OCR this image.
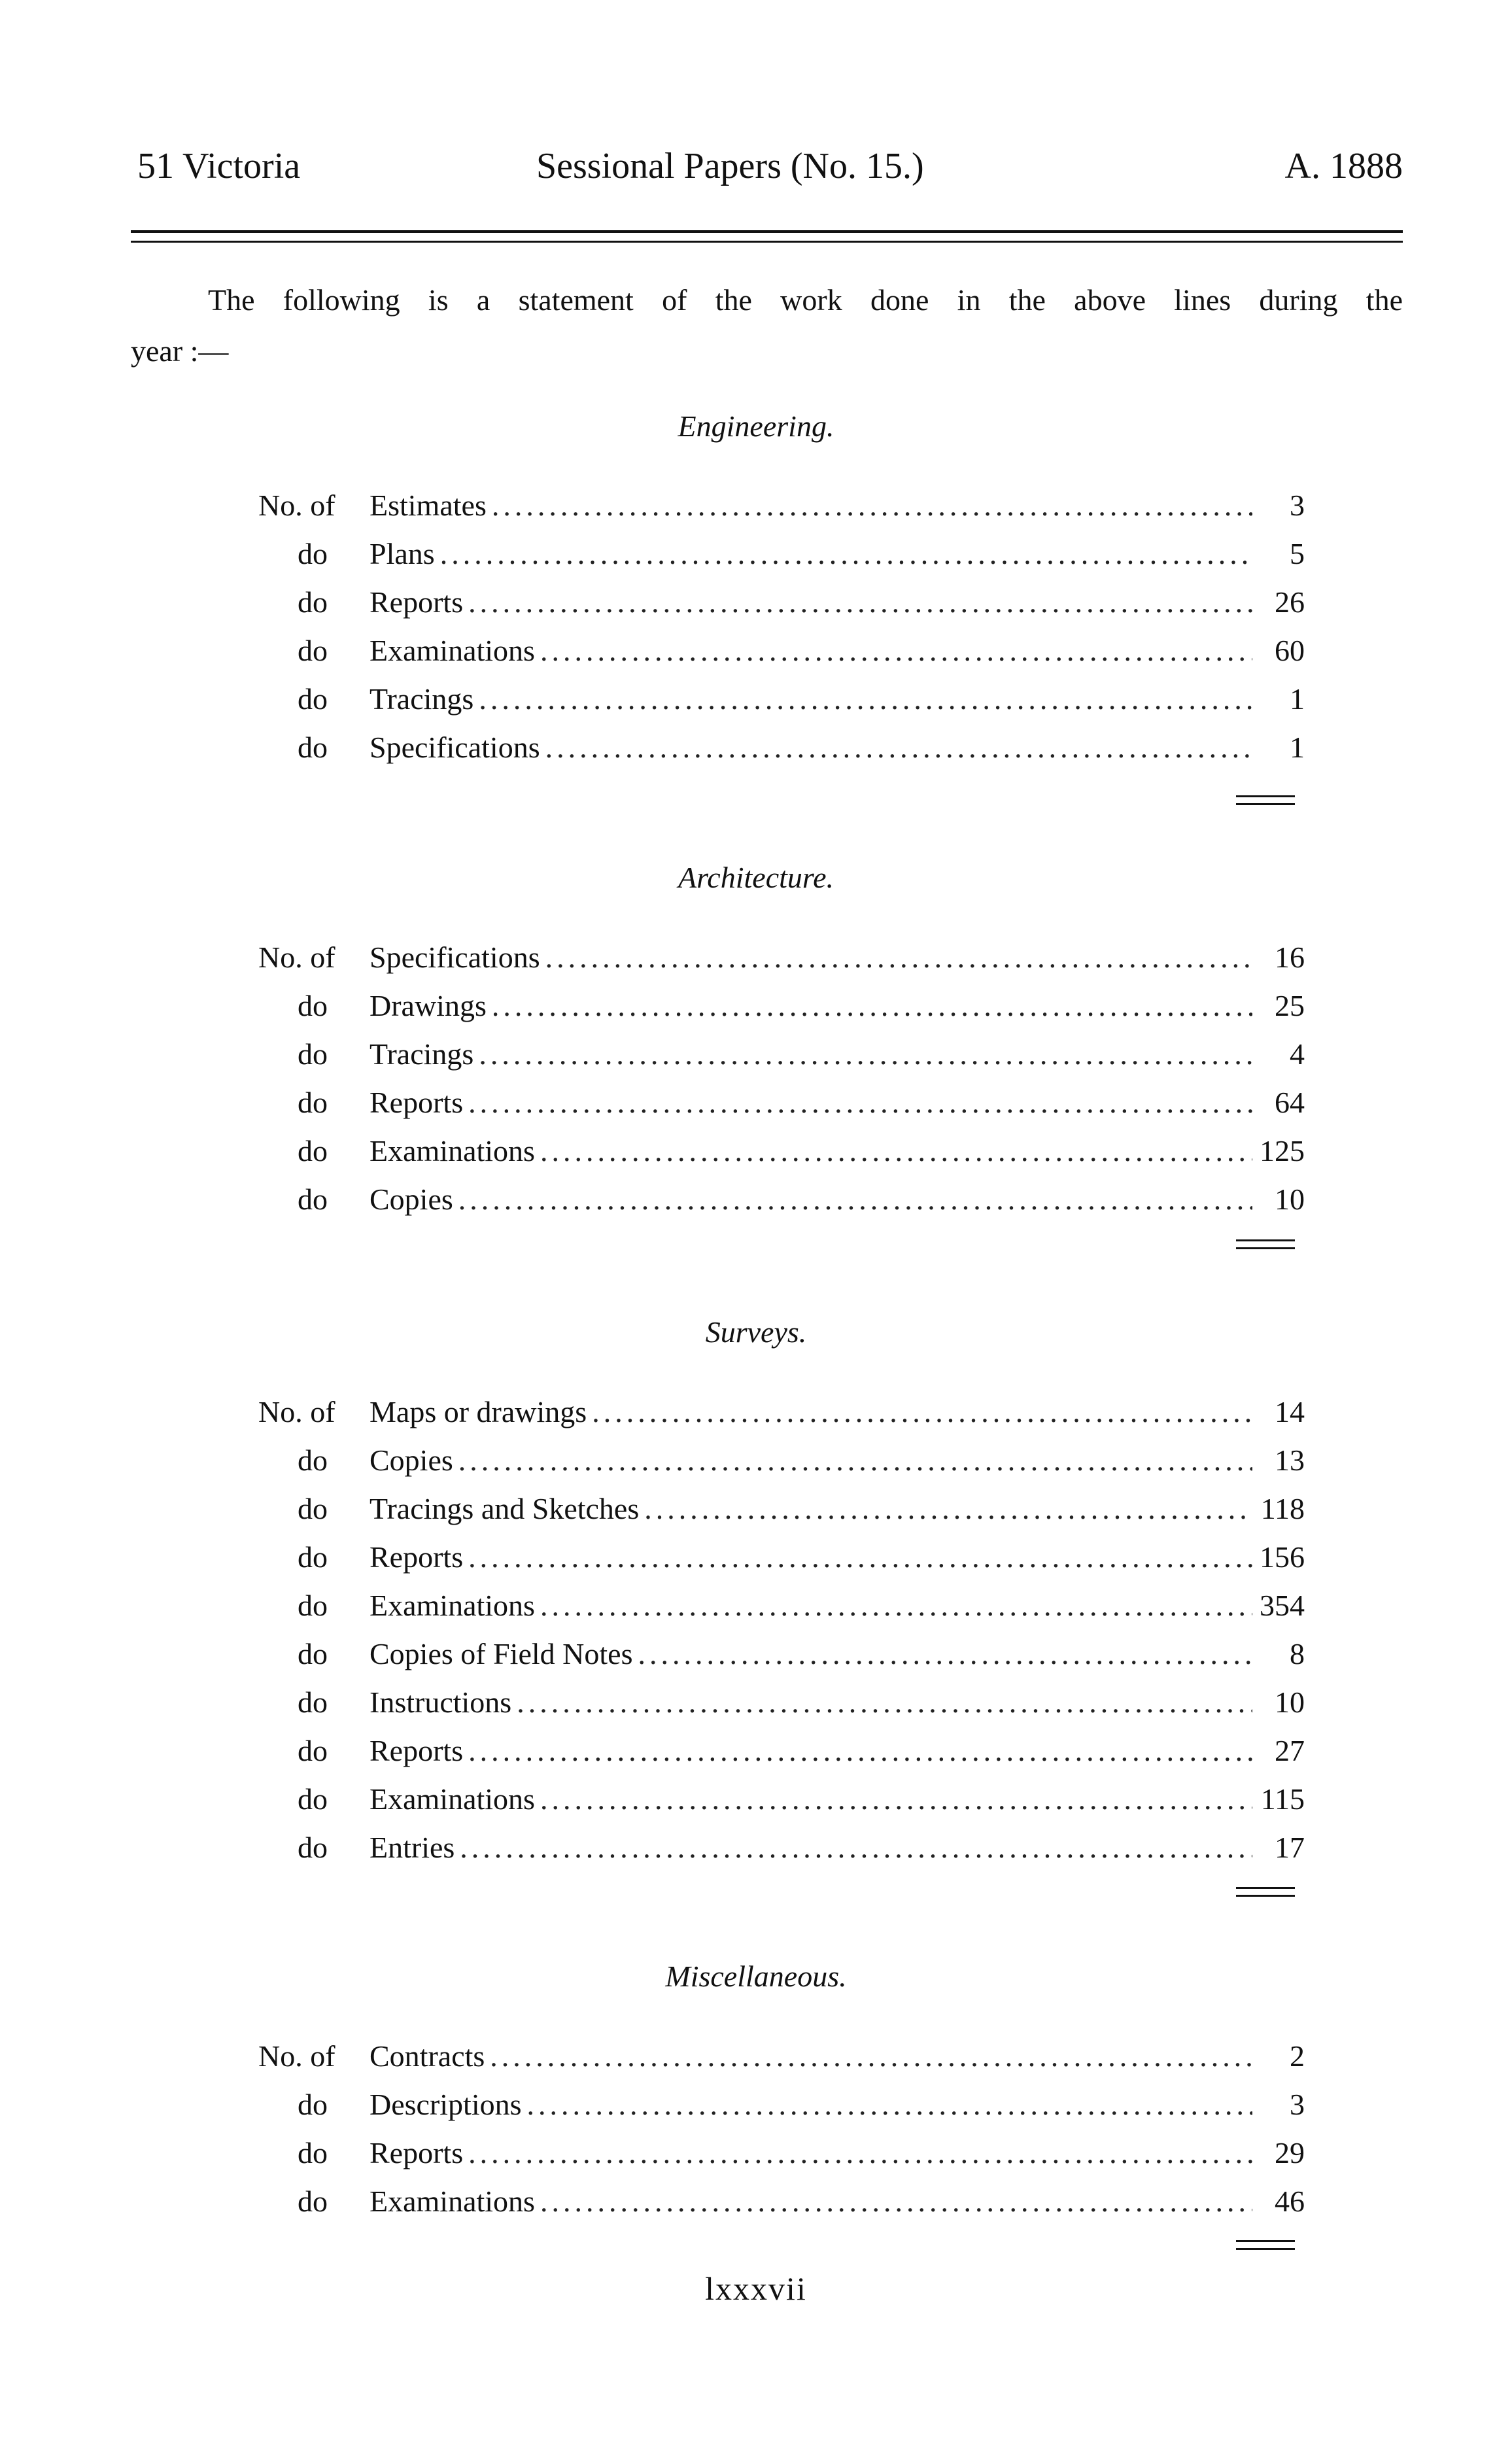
51 Victoria	Sessional Papers (No. 15.)	A. 1888
The following is a statement of the work done in the above lines during the
year :—
Engineering.
No. of	Estimates .....	3
do	Plans .....	5
do	Reports .....	26
do	Examinations .....	60
do	Tracings .....	1
do	Specifications .....	1
Architecture.
No. of	Specifications .....	16
do	Drawings .....	25
do	Tracings .....	4
do	Reports .....	64
do	Examinations .....	125
do	Copies .....	10
Surveys.
No. of	Maps or drawings .....	14
do	Copies .....	13
do	Tracings and Sketches .....	118
do	Reports .....	156
do	Examinations .....	354
do	Copies of Field Notes .....	8
do	Instructions .....	10
do	Reports .....	27
do	Examinations .....	115
do	Entries .....	17
Miscellaneous.
No. of	Contracts .....	2
do	Descriptions .....	3
do	Reports .....	29
do	Examinations .....	46
lxxxvii
